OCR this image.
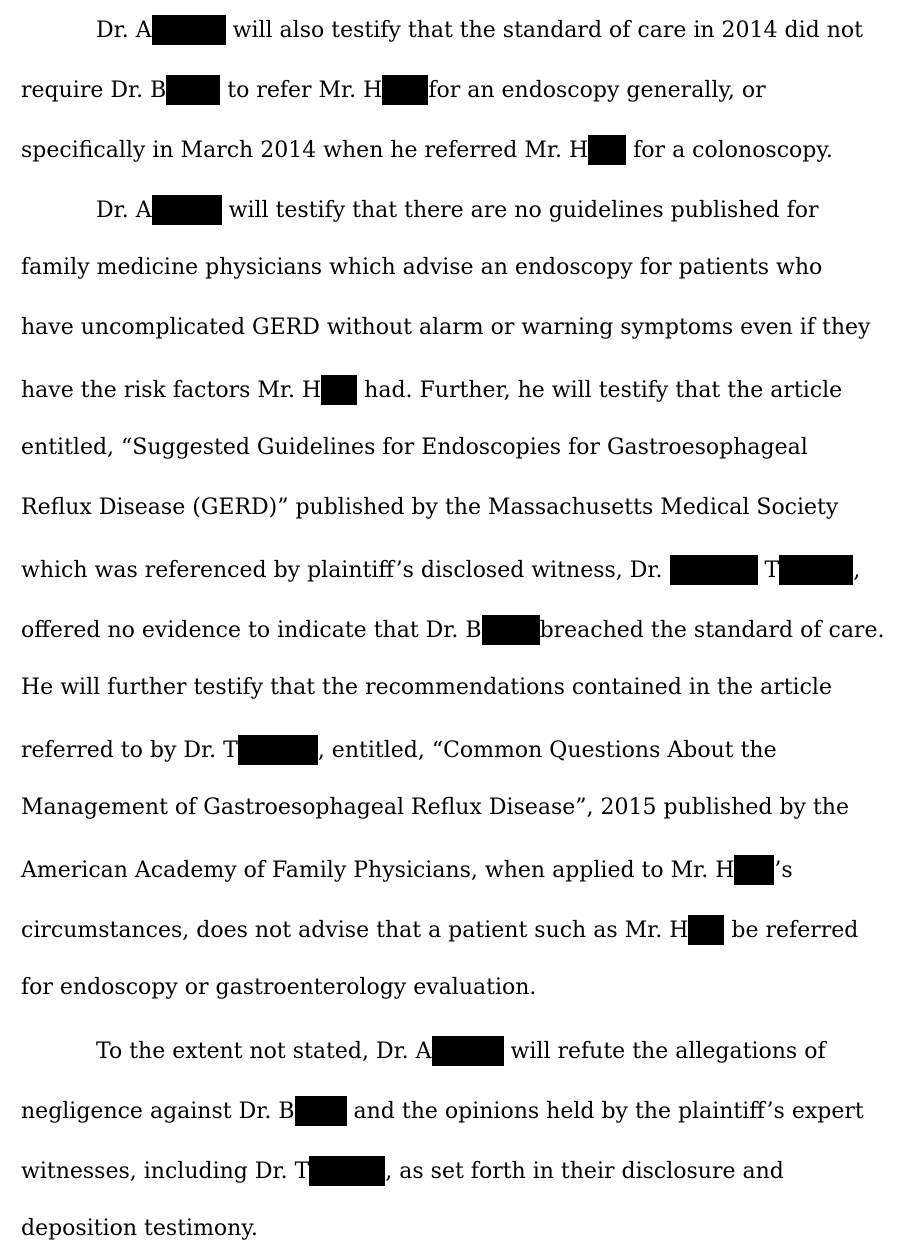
Dr. A	will also testify that the standard of care in 2014 did not
require Dr. B to refer Mr. H for an endoscopy generally, or
specifically in March 2014 when he referred Mr. H for a colonoscopy.
Dr. A	will testify that there are no guidelines published for
family medicine physicians which advise an endoscopy for patients who
have uncomplicated GERD without alarm or warning symptoms even if they
have the risk factors Mr. H had. Further, he will testify that the article
entitled, “Suggested Guidelines for Endoscopies for Gastroesophageal
Reflux Disease (GERD)” published by the Massachusetts Medical Society
which was referenced by plaintiff’s disclosed witness, Dr.	T	,
offered no evidence to indicate that Dr. B	breached the standard of care.
He will further testify that the recommendations contained in the article
referred to by Dr. T	, entitled, “Common Questions About the
Management of Gastroesophageal Reflux Disease”, 2015 published by the
American Academy of Family Physicians, when applied to Mr. H ’s
circumstances, does not advise that a patient such as Mr. H be referred
for endoscopy or gastroenterology evaluation.
To the extent not stated, Dr. A	will refute the allegations of
negligence against Dr. B and the opinions held by the plaintiff’s expert
witnesses, including Dr. T	, as set forth in their disclosure and
deposition testimony.
